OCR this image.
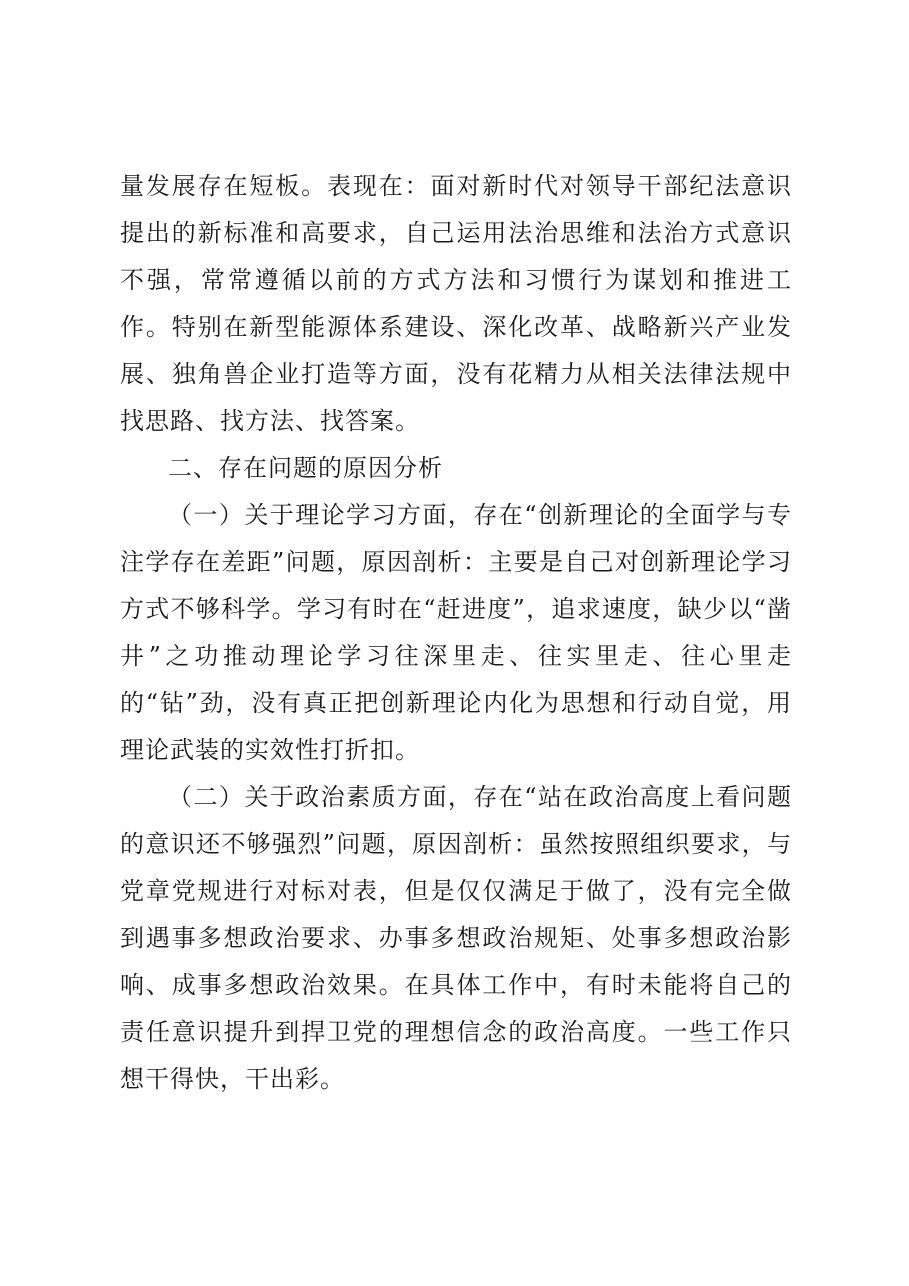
量发展存在短板。表现在：面对新时代对领导干部纪法意识提出的新标准和高要求，自己运用法治思维和法治方式意识不强，常常遵循以前的方式方法和习惯行为谋划和推进工作。特别在新型能源体系建设、深化改革、战略新兴产业发展、独角兽企业打造等方面，没有花精力从相关法律法规中找思路、找方法、找答案。

二、存在问题的原因分析

（一）关于理论学习方面，存在“创新理论的全面学与专注学存在差距”问题，原因剖析：主要是自己对创新理论学习方式不够科学。学习有时在“赶进度”，追求速度，缺少以“凿井”之功推动理论学习往深里走、往实里走、往心里走的“钻”劲，没有真正把创新理论内化为思想和行动自觉，用理论武装的实效性打折扣。

（二）关于政治素质方面，存在“站在政治高度上看问题的意识还不够强烈”问题，原因剖析：虽然按照组织要求，与党章党规进行对标对表，但是仅仅满足于做了，没有完全做到遇事多想政治要求、办事多想政治规矩、处事多想政治影响、成事多想政治效果。在具体工作中，有时未能将自己的责任意识提升到捍卫党的理想信念的政治高度。一些工作只想干得快，干出彩。
